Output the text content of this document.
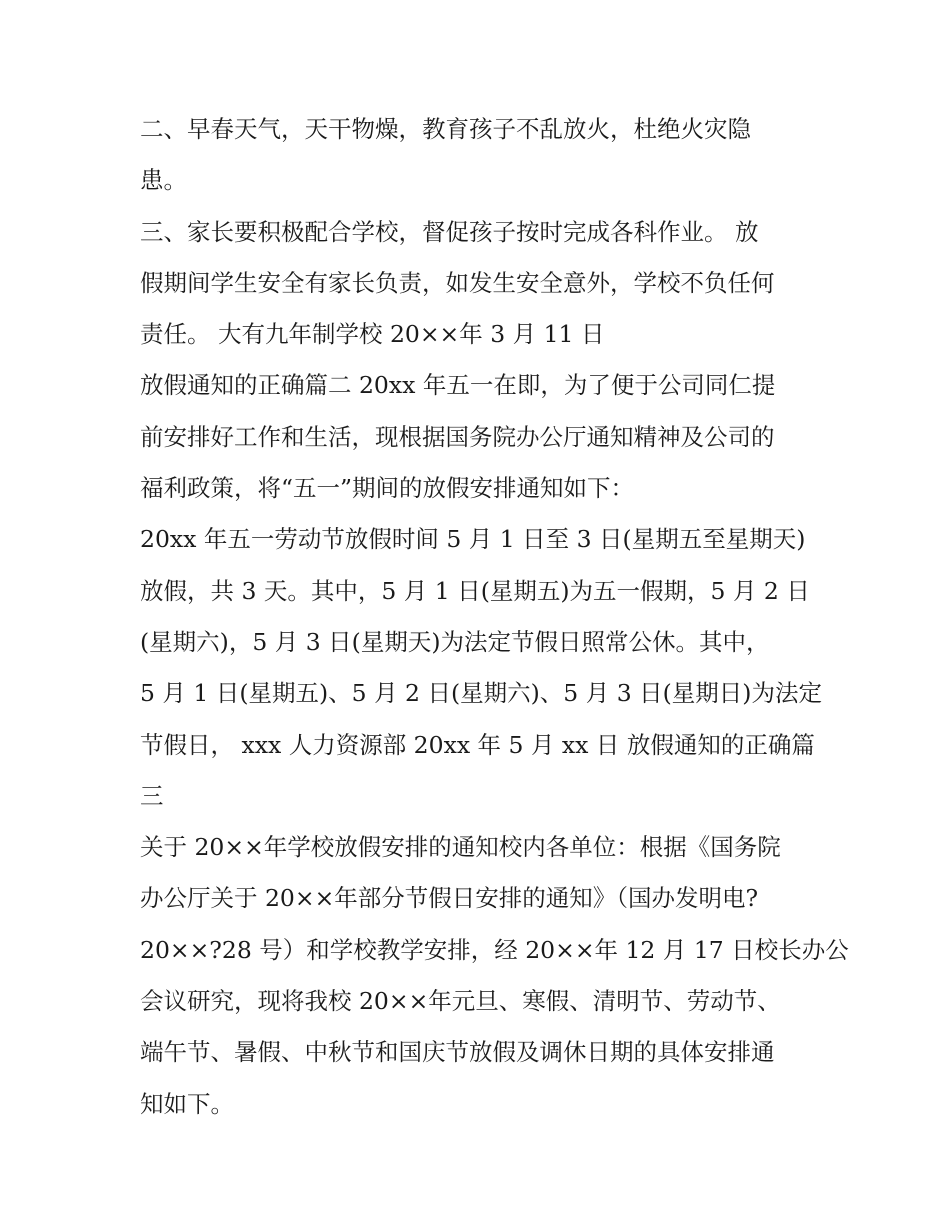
二、早春天气，天干物燥，教育孩子不乱放火，杜绝火灾隐
患。
三、家长要积极配合学校，督促孩子按时完成各科作业。 放
假期间学生安全有家长负责，如发生安全意外，学校不负任何
责任。 大有九年制学校 20××年 3 月 11 日
放假通知的正确篇二 20xx 年五一在即，为了便于公司同仁提
前安排好工作和生活，现根据国务院办公厅通知精神及公司的
福利政策，将“五一”期间的放假安排通知如下：
20xx 年五一劳动节放假时间 5 月 1 日至 3 日(星期五至星期天)
放假，共 3 天。其中，5 月 1 日(星期五)为五一假期，5 月 2 日
(星期六)，5 月 3 日(星期天)为法定节假日照常公休。其中，
5 月 1 日(星期五)、5 月 2 日(星期六)、5 月 3 日(星期日)为法定
节假日， xxx 人力资源部 20xx 年 5 月 xx 日 放假通知的正确篇
三
关于 20××年学校放假安排的通知校内各单位：根据《国务院
办公厅关于 20××年部分节假日安排的通知》（国办发明电?
20××?28 号）和学校教学安排，经 20××年 12 月 17 日校长办公
会议研究，现将我校 20××年元旦、寒假、清明节、劳动节、
端午节、暑假、中秋节和国庆节放假及调休日期的具体安排通
知如下。
